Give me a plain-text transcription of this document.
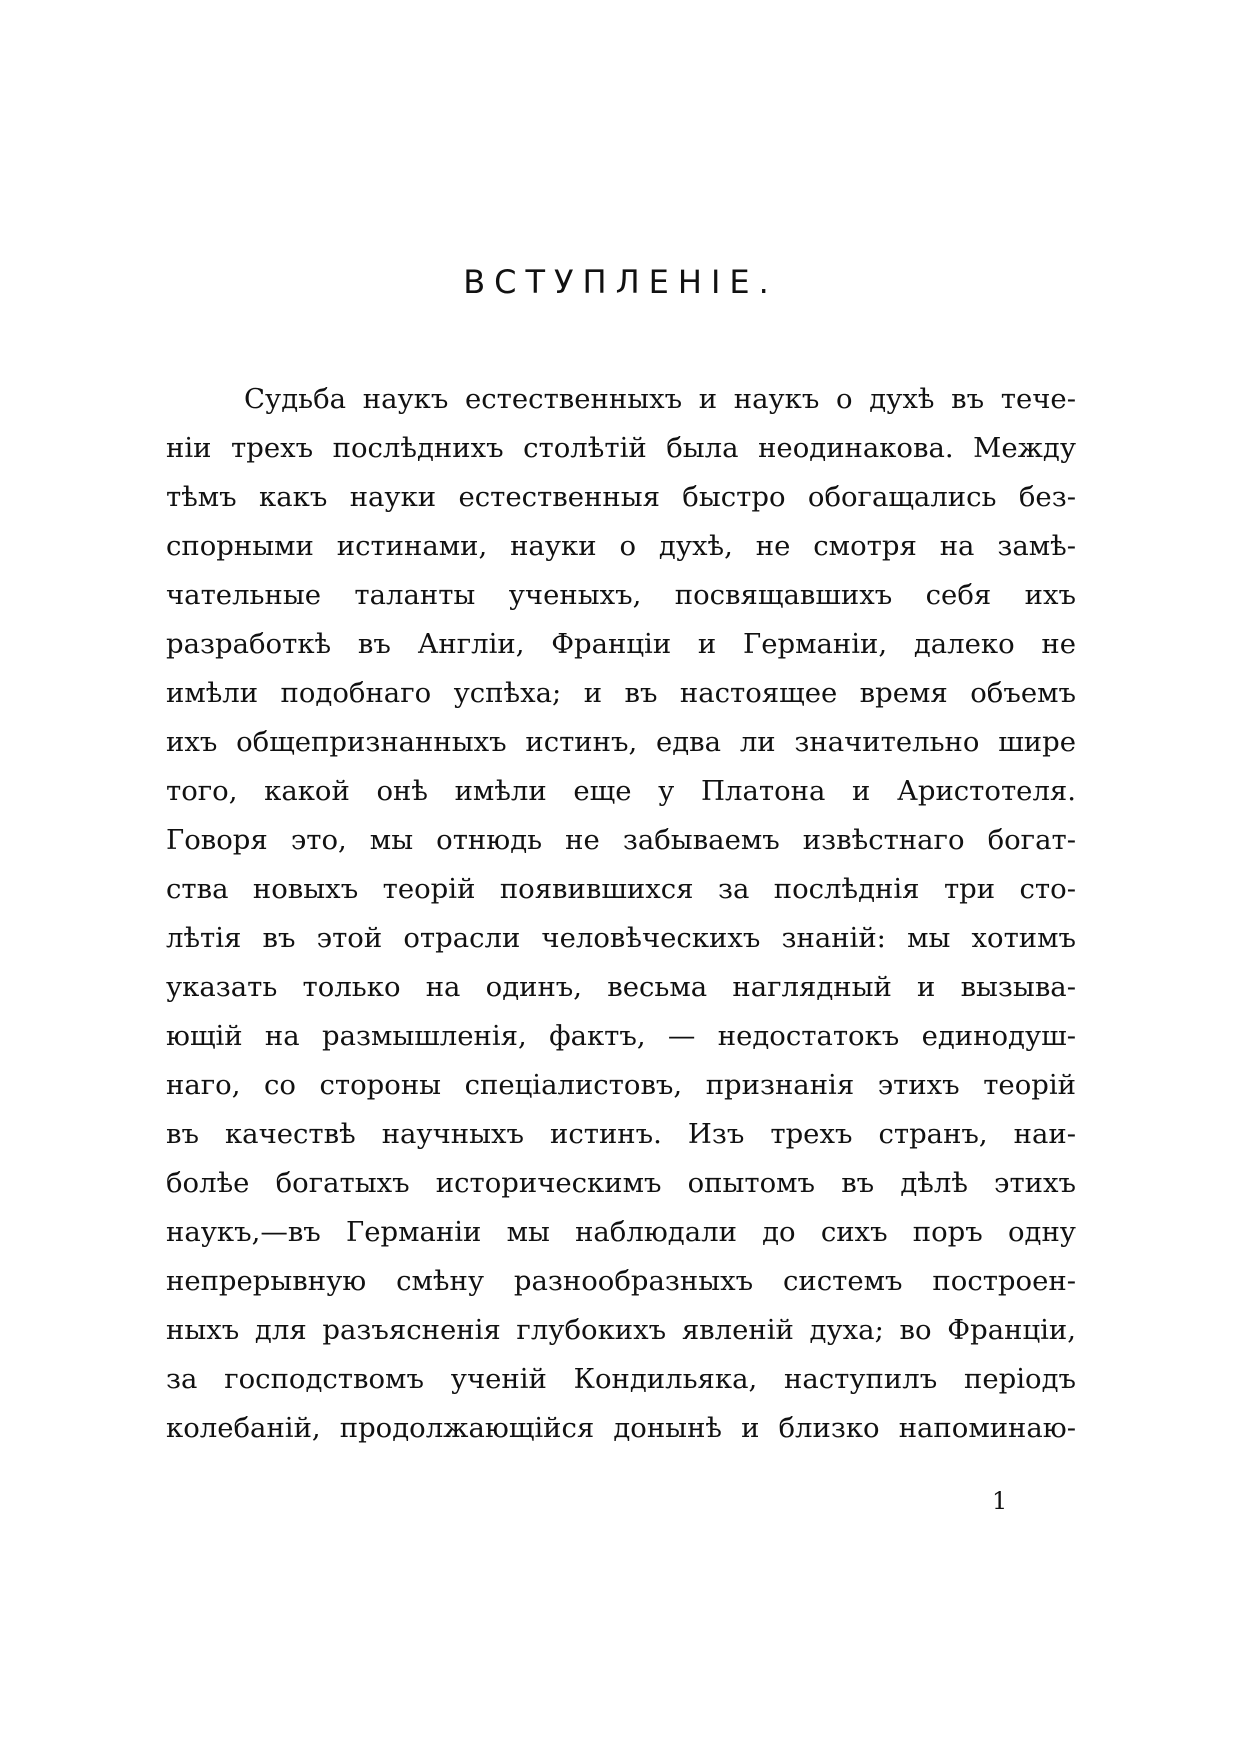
ВСТУПЛЕНІЕ.
Судьба наукъ естественныхъ и наукъ о духѣ въ тече-
ніи трехъ послѣднихъ столѣтій была неодинакова. Между
тѣмъ какъ науки естественныя быстро обогащались без-
спорными истинами, науки о духѣ, не смотря на замѣ-
чательные таланты ученыхъ, посвящавшихъ себя ихъ
разработкѣ въ Англіи, Франціи и Германіи, далеко не
имѣли подобнаго успѣха; и въ настоящее время объемъ
ихъ общепризнанныхъ истинъ, едва ли значительно шире
того, какой онѣ имѣли еще у Платона и Аристотеля.
Говоря это, мы отнюдь не забываемъ извѣстнаго богат-
ства новыхъ теорій появившихся за послѣднія три сто-
лѣтія въ этой отрасли человѣческихъ знаній: мы хотимъ
указать только на одинъ, весьма наглядный и вызыва-
ющій на размышленія, фактъ, — недостатокъ единодуш-
наго, со стороны спеціалистовъ, признанія этихъ теорій
въ качествѣ научныхъ истинъ. Изъ трехъ странъ, наи-
болѣе богатыхъ историческимъ опытомъ въ дѣлѣ этихъ
наукъ,—въ Германіи мы наблюдали до сихъ поръ одну
непрерывную смѣну разнообразныхъ системъ построен-
ныхъ для разъясненія глубокихъ явленій духа; во Франціи,
за господствомъ ученій Кондильяка, наступилъ періодъ
колебаній, продолжающійся донынѣ и близко напоминаю-
1
